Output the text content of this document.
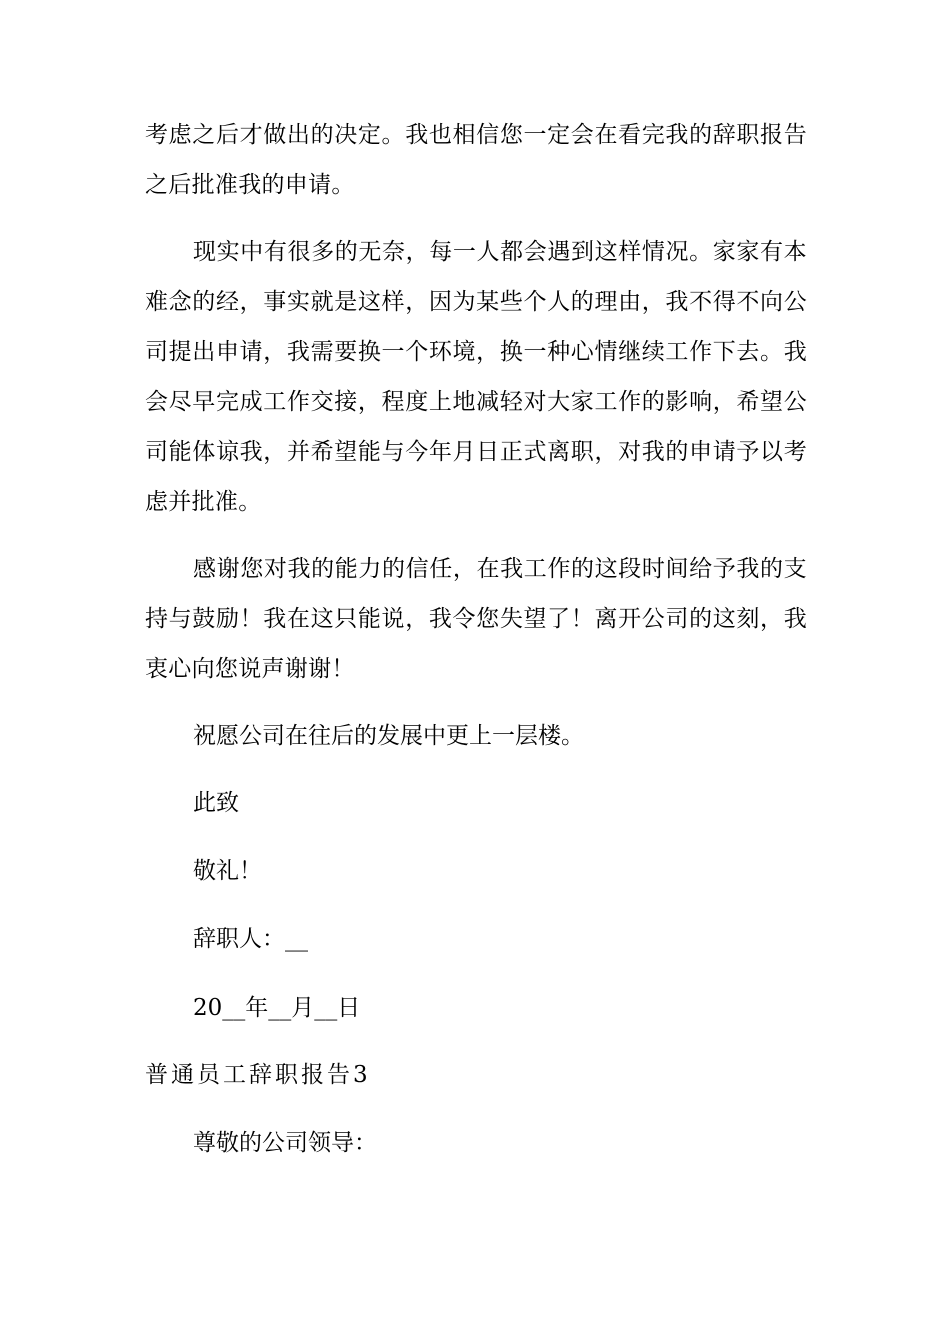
考虑之后才做出的决定。我也相信您一定会在看完我的辞职报告之后批准我的申请。

现实中有很多的无奈，每一人都会遇到这样情况。家家有本难念的经，事实就是这样，因为某些个人的理由，我不得不向公司提出申请，我需要换一个环境，换一种心情继续工作下去。我会尽早完成工作交接，程度上地减轻对大家工作的影响，希望公司能体谅我，并希望能与今年月日正式离职，对我的申请予以考虑并批准。

感谢您对我的能力的信任，在我工作的这段时间给予我的支持与鼓励！我在这只能说，我令您失望了！离开公司的这刻，我衷心向您说声谢谢！

祝愿公司在往后的发展中更上一层楼。

此致

敬礼！

辞职人：__

20__年__月__日

普通员工辞职报告3

尊敬的公司领导：
